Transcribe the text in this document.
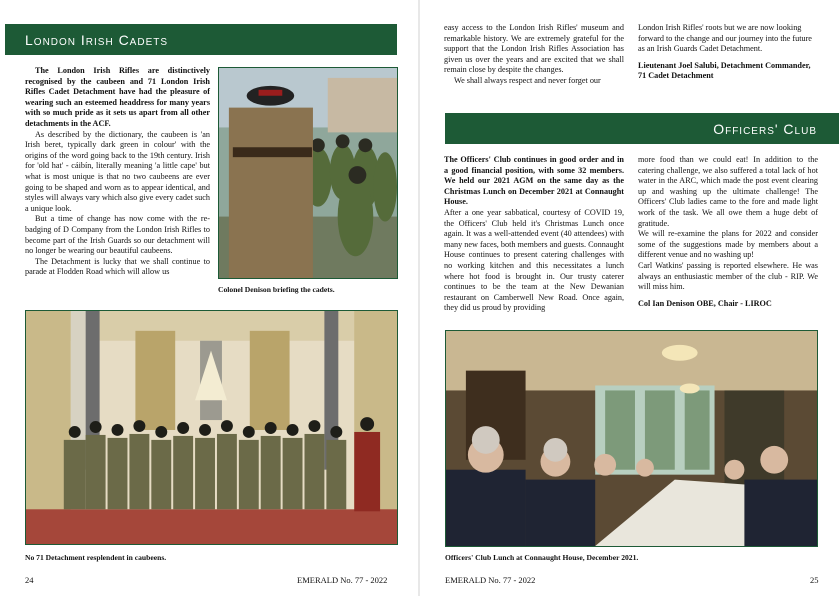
London Irish Cadets

The London Irish Rifles are distinctively recognised by the caubeen and 71 London Irish Rifles Cadet Detachment have had the pleasure of wearing such an esteemed headdress for many years with so much pride as it sets us apart from all other detachments in the ACF.

As described by the dictionary, the caubeen is 'an Irish beret, typically dark green in colour' with the origins of the word going back to the 19th century. Irish for 'old hat' - cáibín, literally meaning 'a little cape' but what is most unique is that no two caubeens are ever going to be shaped and worn as to appear identical, and styles will always vary which also give every cadet such a unique look.

But a time of change has now come with the re-badging of D Company from the London Irish Rifles to become part of the Irish Guards so our detachment will no longer be wearing our beautiful caubeens.

The Detachment is lucky that we shall continue to parade at Flodden Road which will allow us

Colonel Denison briefing the cadets.
No 71 Detachment resplendent in caubeens.
24	EMERALD No. 77 - 2022

easy access to the London Irish Rifles' museum and remarkable history. We are extremely grateful for the support that the London Irish Rifles Association has given us over the years and are excited that we shall remain close by despite the changes.

We shall always respect and never forget our

London Irish Rifles' roots but we are now looking forward to the change and our journey into the future as an Irish Guards Cadet Detachment.

Lieutenant Joel Salubi, Detachment Commander, 71 Cadet Detachment

Officers' Club

The Officers' Club continues in good order and in a good financial position, with some 32 members. We held our 2021 AGM on the same day as the Christmas Lunch on December 2021 at Connaught House.

After a one year sabbatical, courtesy of COVID 19, the Officers' Club held it's Christmas Lunch once again. It was a well-attended event (40 attendees) with many new faces, both members and guests. Connaught House continues to present catering challenges with no working kitchen and this necessitates a lunch where hot food is brought in. Our trusty caterer continues to be the team at the New Dewanian restaurant on Camberwell New Road. Once again, they did us proud by providing

more food than we could eat! In addition to the catering challenge, we also suffered a total lack of hot water in the ARC, which made the post event clearing up and washing up the ultimate challenge! The Officers' Club ladies came to the fore and made light work of the task. We all owe them a huge debt of gratitude.

We will re-examine the plans for 2022 and consider some of the suggestions made by members about a different venue and no washing up!

Carl Watkins' passing is reported elsewhere. He was always an enthusiastic member of the club - RIP. We will miss him.

Col Ian Denison OBE, Chair - LIROC

Officers' Club Lunch at Connaught House, December 2021.
EMERALD No. 77 - 2022	25
